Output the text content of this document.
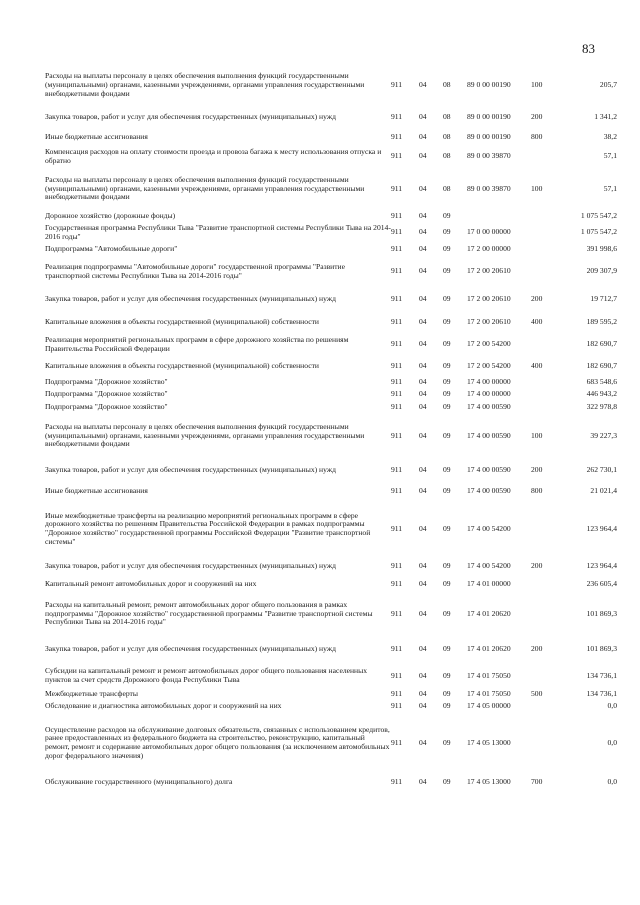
83
Расходы на выплаты персоналу в целях обеспечения выполнения функций государственными (муниципальными) органами, казенными учреждениями, органами управления государственными внебюджетными фондами	911	04	08	89 0 00 00190	100	205,7
Закупка товаров, работ и услуг для обеспечения государственных (муниципальных) нужд	911	04	08	89 0 00 00190	200	1 341,2
Иные бюджетные ассигнования	911	04	08	89 0 00 00190	800	38,2
Компенсация расходов на оплату стоимости проезда и провоза багажа к месту использования отпуска и обратно	911	04	08	89 0 00 39870		57,1
Расходы на выплаты персоналу в целях обеспечения выполнения функций государственными (муниципальными) органами, казенными учреждениями, органами управления государственными внебюджетными фондами	911	04	08	89 0 00 39870	100	57,1
Дорожное хозяйство (дорожные фонды)	911	04	09			1 075 547,2
Государственная программа Республики Тыва "Развитие транспортной системы Республики Тыва на 2014-2016 годы"	911	04	09	17 0 00 00000		1 075 547,2
Подпрограмма "Автомобильные дороги"	911	04	09	17 2 00 00000		391 998,6
Реализация подпрограммы "Автомобильные дороги" государственной программы "Развитие транспортной системы Республики Тыва на 2014-2016 годы"	911	04	09	17 2 00 20610		209 307,9
Закупка товаров, работ и услуг для обеспечения государственных (муниципальных) нужд	911	04	09	17 2 00 20610	200	19 712,7
Капитальные вложения в объекты государственной (муниципальной) собственности	911	04	09	17 2 00 20610	400	189 595,2
Реализация мероприятий региональных программ в сфере дорожного хозяйства по решениям Правительства Российской Федерации	911	04	09	17 2 00 54200		182 690,7
Капитальные вложения в объекты государственной (муниципальной) собственности	911	04	09	17 2 00 54200	400	182 690,7
Подпрограмма "Дорожное хозяйство"	911	04	09	17 4 00 00000		683 548,6
Подпрограмма "Дорожное хозяйство"	911	04	09	17 4 00 00000		446 943,2
Подпрограмма "Дорожное хозяйство"	911	04	09	17 4 00 00590		322 978,8
Расходы на выплаты персоналу в целях обеспечения выполнения функций государственными (муниципальными) органами, казенными учреждениями, органами управления государственными внебюджетными фондами	911	04	09	17 4 00 00590	100	39 227,3
Закупка товаров, работ и услуг для обеспечения государственных (муниципальных) нужд	911	04	09	17 4 00 00590	200	262 730,1
Иные бюджетные ассигнования	911	04	09	17 4 00 00590	800	21 021,4
Иные межбюджетные трансферты на реализацию мероприятий региональных программ в сфере дорожного хозяйства по решениям Правительства Российской Федерации в рамках подпрограммы "Дорожное хозяйство" государственной программы Российской Федерации "Развитие транспортной системы"	911	04	09	17 4 00 54200		123 964,4
Закупка товаров, работ и услуг для обеспечения государственных (муниципальных) нужд	911	04	09	17 4 00 54200	200	123 964,4
Капитальный ремонт автомобильных дорог и сооружений на них	911	04	09	17 4 01 00000		236 605,4
Расходы на капитальный ремонт, ремонт автомобильных дорог общего пользования в рамках подпрограммы "Дорожное хозяйство" государственной программы "Развитие транспортной системы Республики Тыва на 2014-2016 годы"	911	04	09	17 4 01 20620		101 869,3
Закупка товаров, работ и услуг для обеспечения государственных (муниципальных) нужд	911	04	09	17 4 01 20620	200	101 869,3
Субсидии на капитальный ремонт и ремонт автомобильных дорог общего пользования населенных пунктов за счет средств Дорожного фонда Республики Тыва	911	04	09	17 4 01 75050		134 736,1
Межбюджетные трансферты	911	04	09	17 4 01 75050	500	134 736,1
Обследование и диагностика автомобильных дорог и сооружений на них	911	04	09	17 4 05 00000		0,0
Осуществление расходов на обслуживание долговых обязательств, связанных с использованием кредитов, ранее предоставленных из федерального бюджета на строительство, реконструкцию, капитальный ремонт, ремонт и содержание автомобильных дорог общего пользования (за исключением автомобильных дорог федерального значения)	911	04	09	17 4 05 13000		0,0
Обслуживание государственного (муниципального) долга	911	04	09	17 4 05 13000	700	0,0
